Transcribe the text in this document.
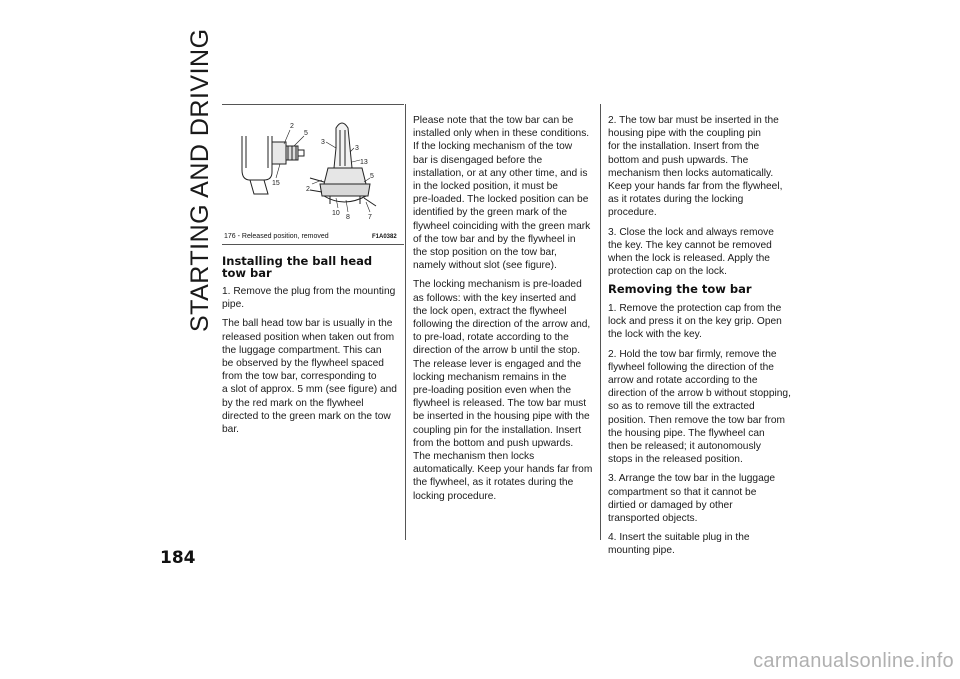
STARTING AND DRIVING	2
5
15
2
3
3
13
5
10
8	7
176 - Released position, removed	F1A0382
Installing the ball head
tow bar

1. Remove the plug from the mounting
pipe.

The ball head tow bar is usually in the
released position when taken out from
the luggage compartment. This can
be observed by the flywheel spaced
from the tow bar, corresponding to
a slot of approx. 5 mm (see figure) and
by the red mark on the flywheel
directed to the green mark on the tow
bar.

Please note that the tow bar can be
installed only when in these conditions.
If the locking mechanism of the tow
bar is disengaged before the
installation, or at any other time, and is
in the locked position, it must be
pre-loaded. The locked position can be
identified by the green mark of the
flywheel coinciding with the green mark
of the tow bar and by the flywheel in
the stop position on the tow bar,
namely without slot (see figure).

The locking mechanism is pre-loaded
as follows: with the key inserted and
the lock open, extract the flywheel
following the direction of the arrow and,
to pre-load, rotate according to the
direction of the arrow b until the stop.
The release lever is engaged and the
locking mechanism remains in the
pre-loading position even when the
flywheel is released. The tow bar must
be inserted in the housing pipe with the
coupling pin for the installation. Insert
from the bottom and push upwards.
The mechanism then locks
automatically. Keep your hands far from
the flywheel, as it rotates during the
locking procedure.

2. The tow bar must be inserted in the
housing pipe with the coupling pin
for the installation. Insert from the
bottom and push upwards. The
mechanism then locks automatically.
Keep your hands far from the flywheel,
as it rotates during the locking
procedure.

3. Close the lock and always remove
the key. The key cannot be removed
when the lock is released. Apply the
protection cap on the lock.

Removing the tow bar

1. Remove the protection cap from the
lock and press it on the key grip. Open
the lock with the key.

2. Hold the tow bar firmly, remove the
flywheel following the direction of the
arrow and rotate according to the
direction of the arrow b without stopping,
so as to remove till the extracted
position. Then remove the tow bar from
the housing pipe. The flywheel can
then be released; it autonomously
stops in the released position.

3. Arrange the tow bar in the luggage
compartment so that it cannot be
dirtied or damaged by other
transported objects.

4. Insert the suitable plug in the
mounting pipe.

184
carmanualsonline.info
